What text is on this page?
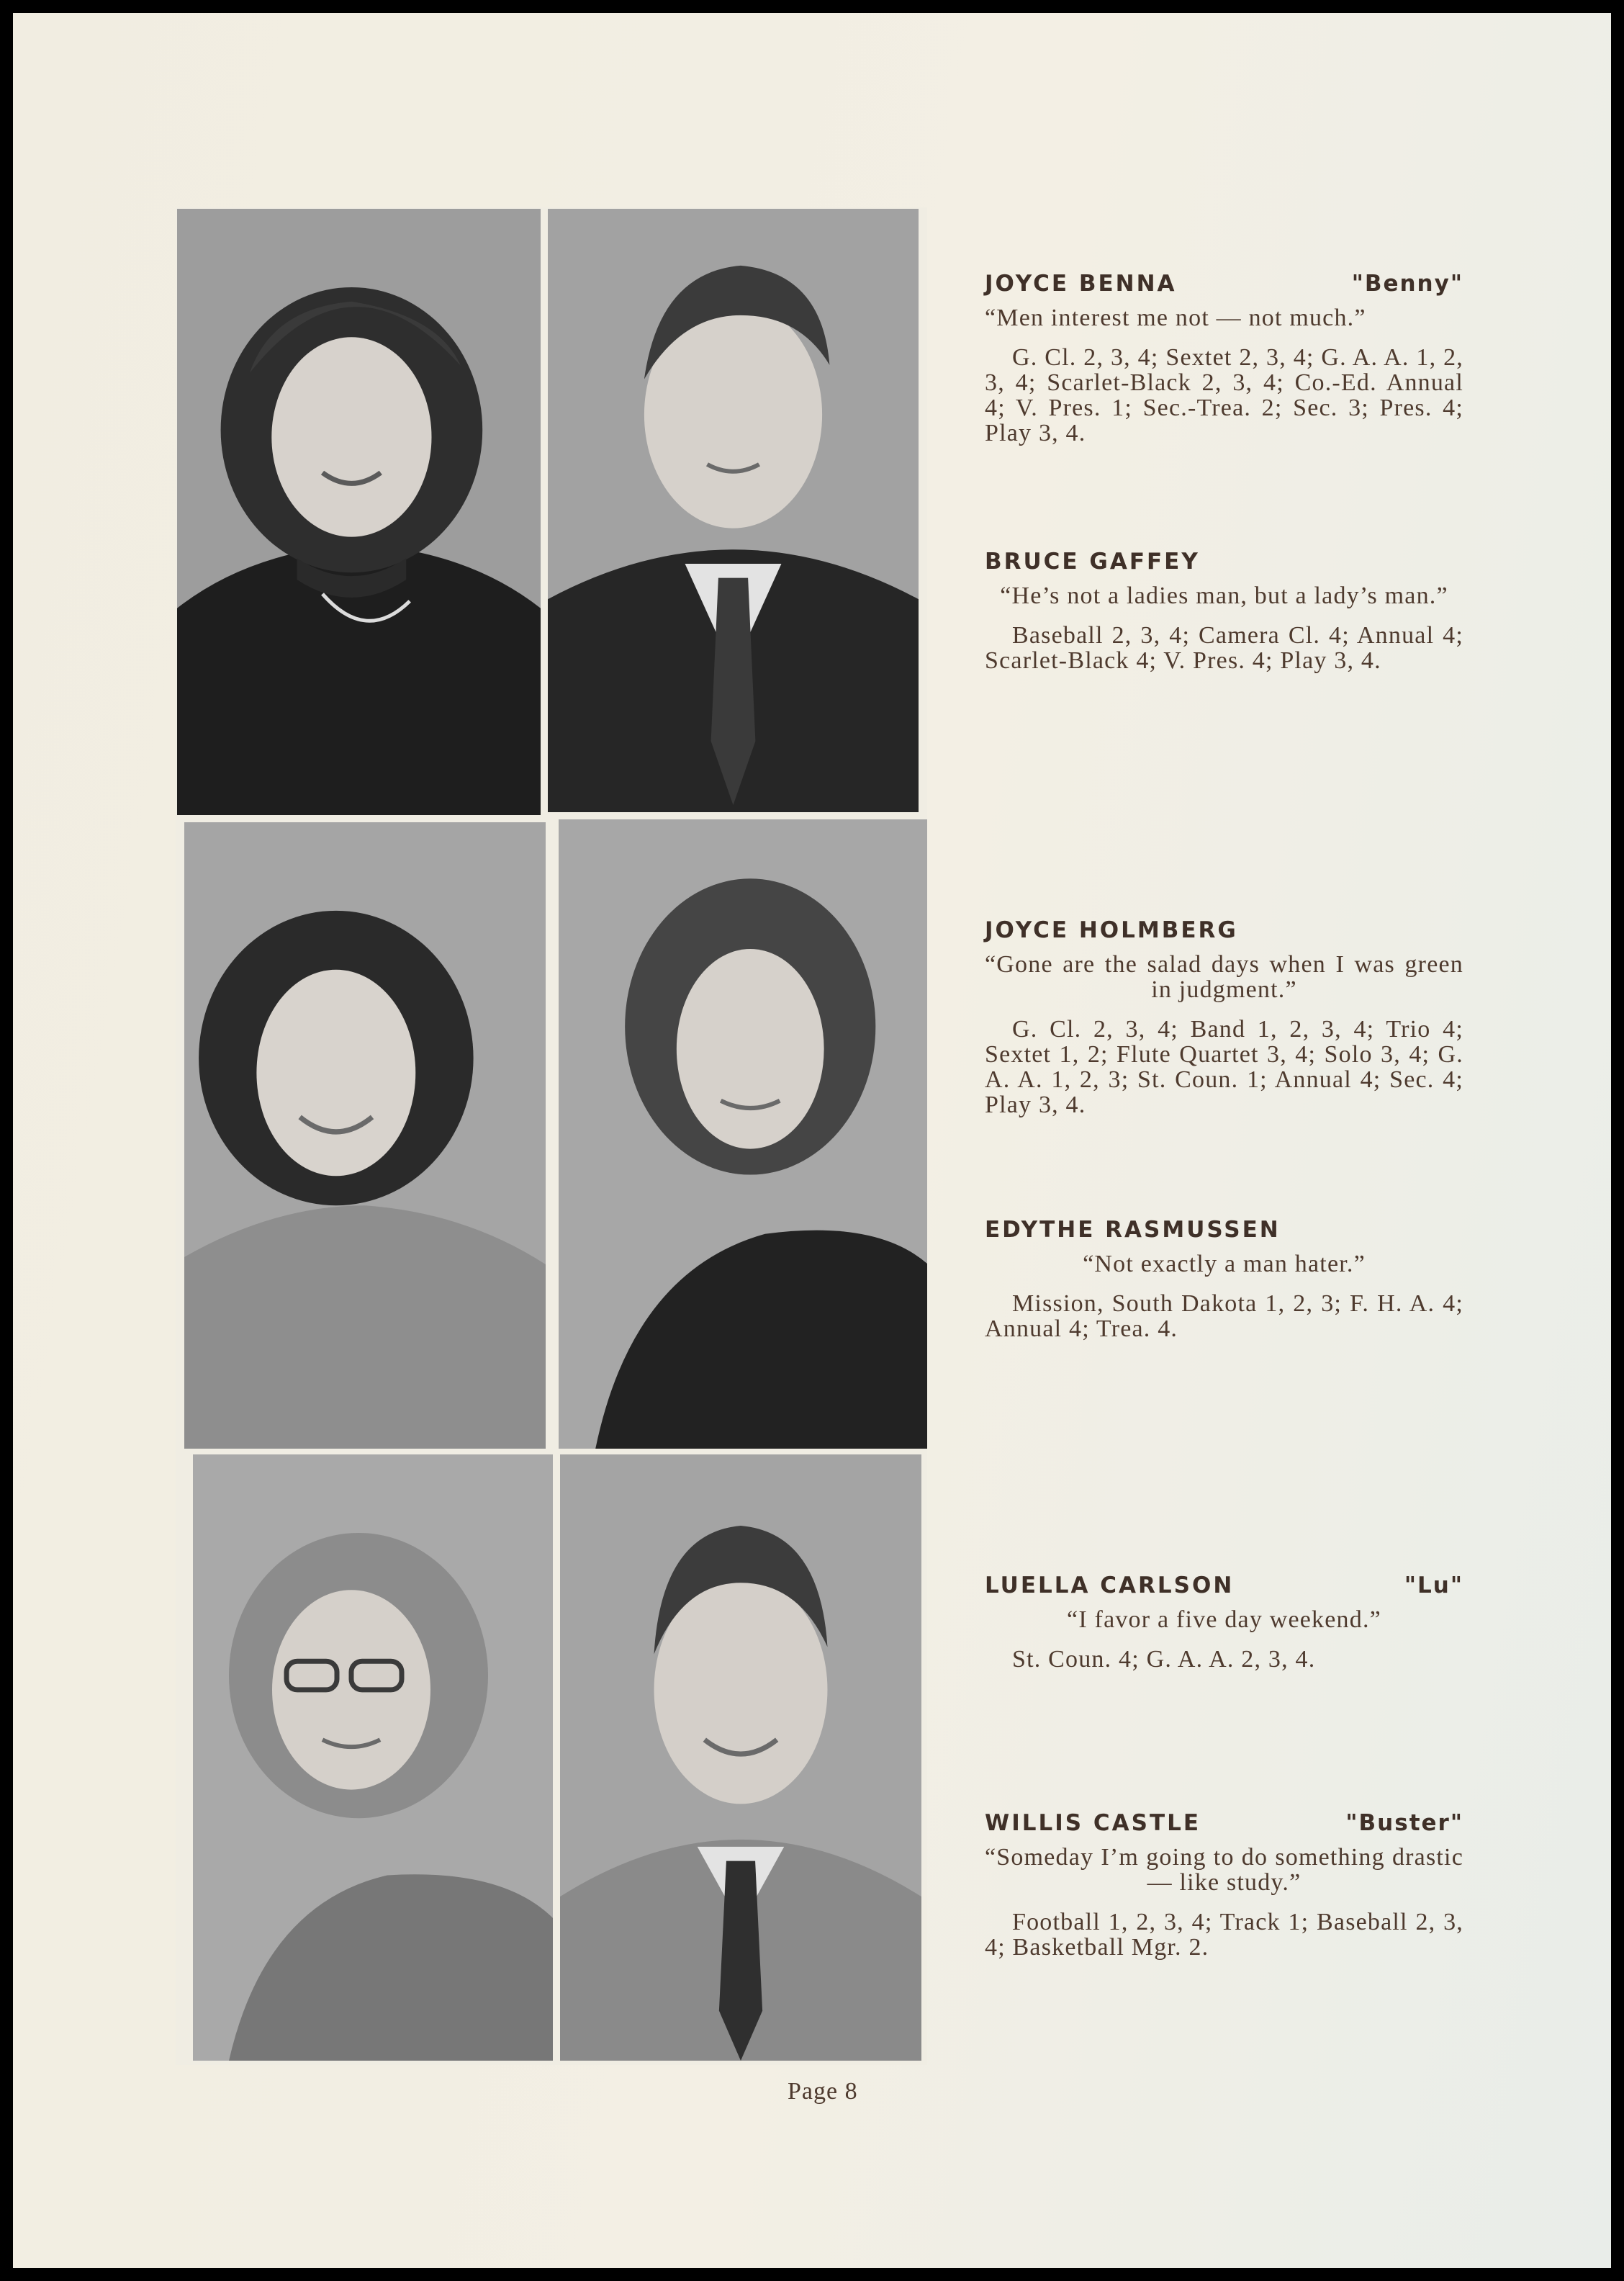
JOYCE BENNA	"Benny"
“Men interest me not — not much.”
G. Cl. 2, 3, 4; Sextet 2, 3, 4; G. A. A. 1, 2, 3, 4; Scarlet-Black 2, 3, 4; Co.-Ed. Annual 4; V. Pres. 1; Sec.-Trea. 2; Sec. 3; Pres. 4; Play 3, 4.
BRUCE GAFFEY
“He’s not a ladies man, but a lady’s man.”
Baseball 2, 3, 4; Camera Cl. 4; Annual 4; Scarlet-Black 4; V. Pres. 4; Play 3, 4.
JOYCE HOLMBERG
“Gone are the salad days when I was green in judgment.”
G. Cl. 2, 3, 4; Band 1, 2, 3, 4; Trio 4; Sextet 1, 2; Flute Quartet 3, 4; Solo 3, 4; G. A. A. 1, 2, 3; St. Coun. 1; Annual 4; Sec. 4; Play 3, 4.
EDYTHE RASMUSSEN
“Not exactly a man hater.”
Mission, South Dakota 1, 2, 3; F. H. A. 4; Annual 4; Trea. 4.
LUELLA CARLSON	"Lu"
“I favor a five day weekend.”
St. Coun. 4; G. A. A. 2, 3, 4.
WILLIS CASTLE	"Buster"
“Someday I’m going to do something drastic — like study.”
Football 1, 2, 3, 4; Track 1; Baseball 2, 3, 4; Basketball Mgr. 2.
Page 8
